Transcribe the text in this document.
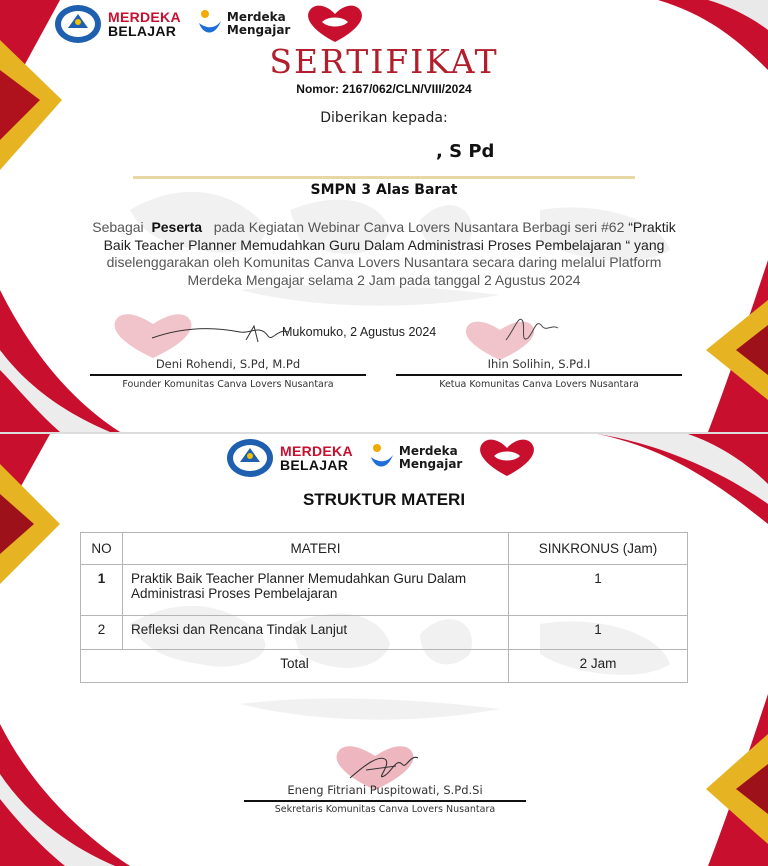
MERDEKA
BELAJAR
Merdeka
Mengajar
SERTIFIKAT
Nomor: 2167/062/CLN/VIII/2024
Diberikan kepada:
, S Pd
SMPN 3 Alas Barat
Sebagai Peserta pada Kegiatan Webinar Canva Lovers Nusantara Berbagi seri #62 “Praktik Baik Teacher Planner Memudahkan Guru Dalam Administrasi Proses Pembelajaran “ yang diselenggarakan oleh Komunitas Canva Lovers Nusantara secara daring melalui Platform Merdeka Mengajar selama 2 Jam pada tanggal 2 Agustus 2024
Mukomuko, 2 Agustus 2024
Deni Rohendi, S.Pd, M.Pd
Founder Komunitas Canva Lovers Nusantara
Ihin Solihin, S.Pd.I
Ketua Komunitas Canva Lovers Nusantara
MERDEKA
BELAJAR
Merdeka
Mengajar
STRUKTUR MATERI
NO	MATERI	SINKRONUS (Jam)
1	Praktik Baik Teacher Planner Memudahkan Guru Dalam Administrasi Proses Pembelajaran	1
2	Refleksi dan Rencana Tindak Lanjut	1
Total		2 Jam
Eneng Fitriani Puspitowati, S.Pd.Si
Sekretaris Komunitas Canva Lovers Nusantara
